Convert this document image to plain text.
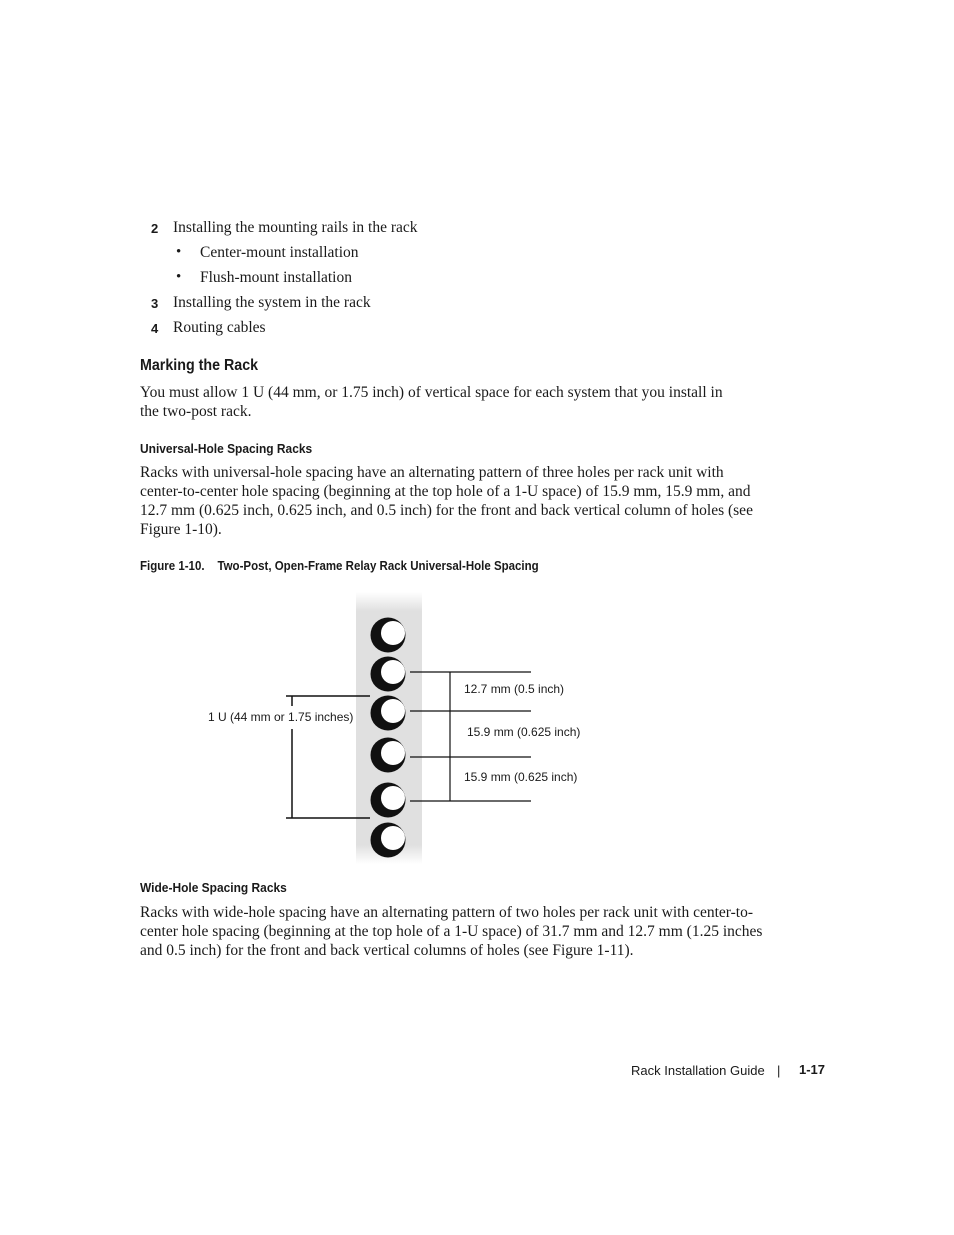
2 Installing the mounting rails in the rack
• Center-mount installation
• Flush-mount installation
3 Installing the system in the rack
4 Routing cables
Marking the Rack

You must allow 1 U (44 mm, or 1.75 inch) of vertical space for each system that you install in the two-post rack.

Universal-Hole Spacing Racks

Racks with universal-hole spacing have an alternating pattern of three holes per rack unit with center-to-center hole spacing (beginning at the top hole of a 1-U space) of 15.9 mm, 15.9 mm, and 12.7 mm (0.625 inch, 0.625 inch, and 0.5 inch) for the front and back vertical column of holes (see Figure 1-10).

Figure 1-10. Two-Post, Open-Frame Relay Rack Universal-Hole Spacing
1 U (44 mm or 1.75 inches)
12.7 mm (0.5 inch)
15.9 mm (0.625 inch)
15.9 mm (0.625 inch)
Wide-Hole Spacing Racks

Racks with wide-hole spacing have an alternating pattern of two holes per rack unit with center-to-center hole spacing (beginning at the top hole of a 1-U space) of 31.7 mm and 12.7 mm (1.25 inches and 0.5 inch) for the front and back vertical columns of holes (see Figure 1-11).

Rack Installation Guide | 1-17
